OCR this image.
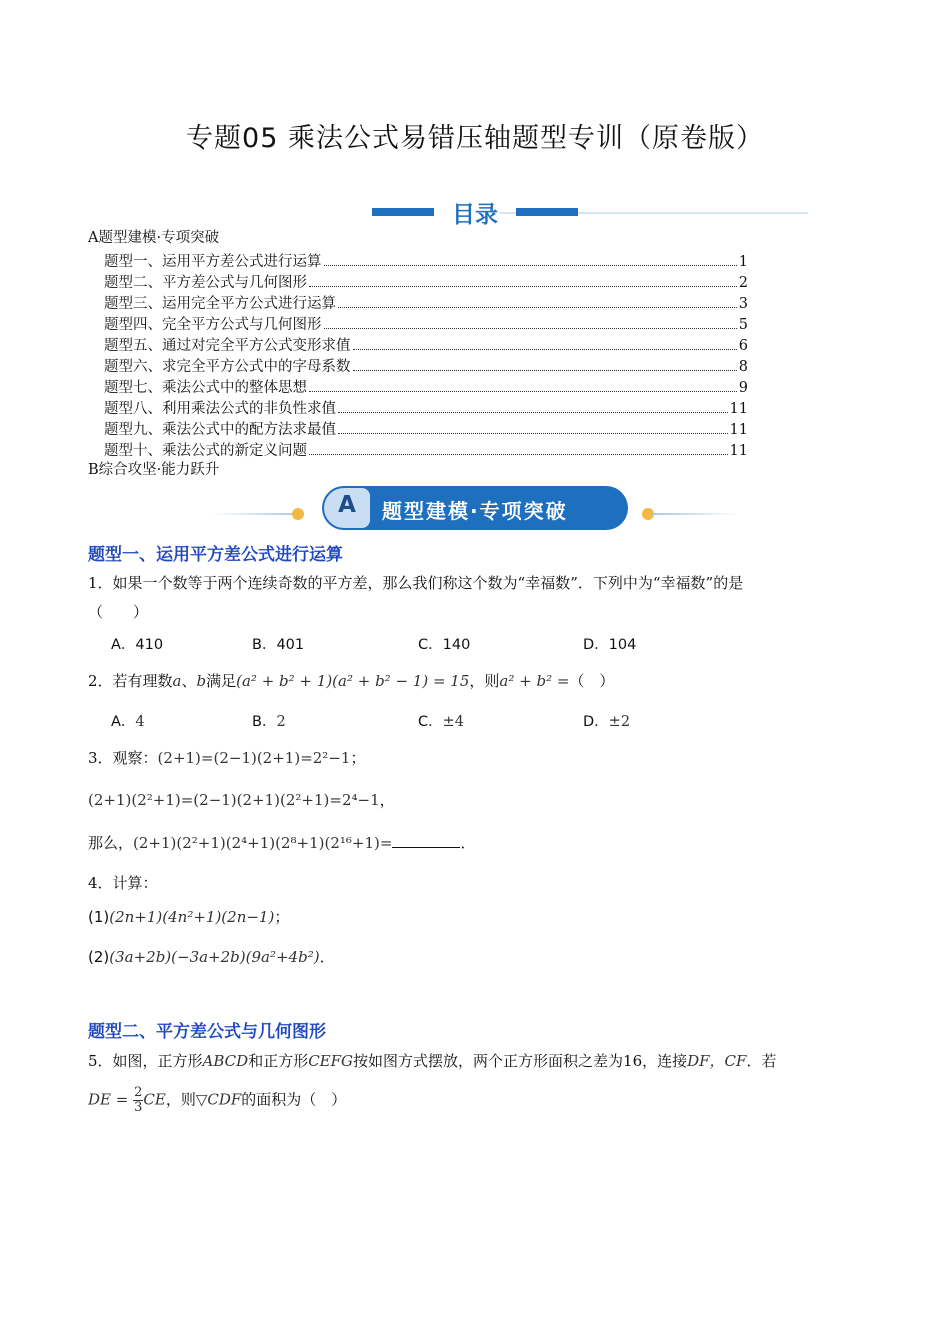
专题05 乘法公式易错压轴题型专训（原卷版）
目录
A题型建模·专项突破
题型一、运用平方差公式进行运算	1
题型二、平方差公式与几何图形	2
题型三、运用完全平方公式进行运算	3
题型四、完全平方公式与几何图形	5
题型五、通过对完全平方公式变形求值	6
题型六、求完全平方公式中的字母系数	8
题型七、乘法公式中的整体思想	9
题型八、利用乘法公式的非负性求值	11
题型九、乘法公式中的配方法求最值	11
题型十、乘法公式的新定义问题	11
B综合攻坚·能力跃升
A	题型建模·专项突破
题型一、运用平方差公式进行运算
1．如果一个数等于两个连续奇数的平方差，那么我们称这个数为“幸福数”．下列中为“幸福数”的是
（　　）
A．410	B．401	C．140	D．104
2．若有理数a、b满足(a² + b² + 1)(a² + b² − 1) = 15，则a² + b² =（　）
A．4	B．2	C．±4	D．±2
3．观察：(2+1)=(2−1)(2+1)=2²−1；
(2+1)(2²+1)=(2−1)(2+1)(2²+1)=2⁴−1，
那么，(2+1)(2²+1)(2⁴+1)(2⁸+1)(2¹⁶+1)=	．
4．计算：
(1)(2n+1)(4n²+1)(2n−1)；
(2)(3a+2b)(−3a+2b)(9a²+4b²)．
题型二、平方差公式与几何图形
5．如图，正方形ABCD和正方形CEFG按如图方式摆放，两个正方形面积之差为16，连接DF，CF．若
DE = $\frac{2}{3}$ CE，则▽CDF的面积为（　）
